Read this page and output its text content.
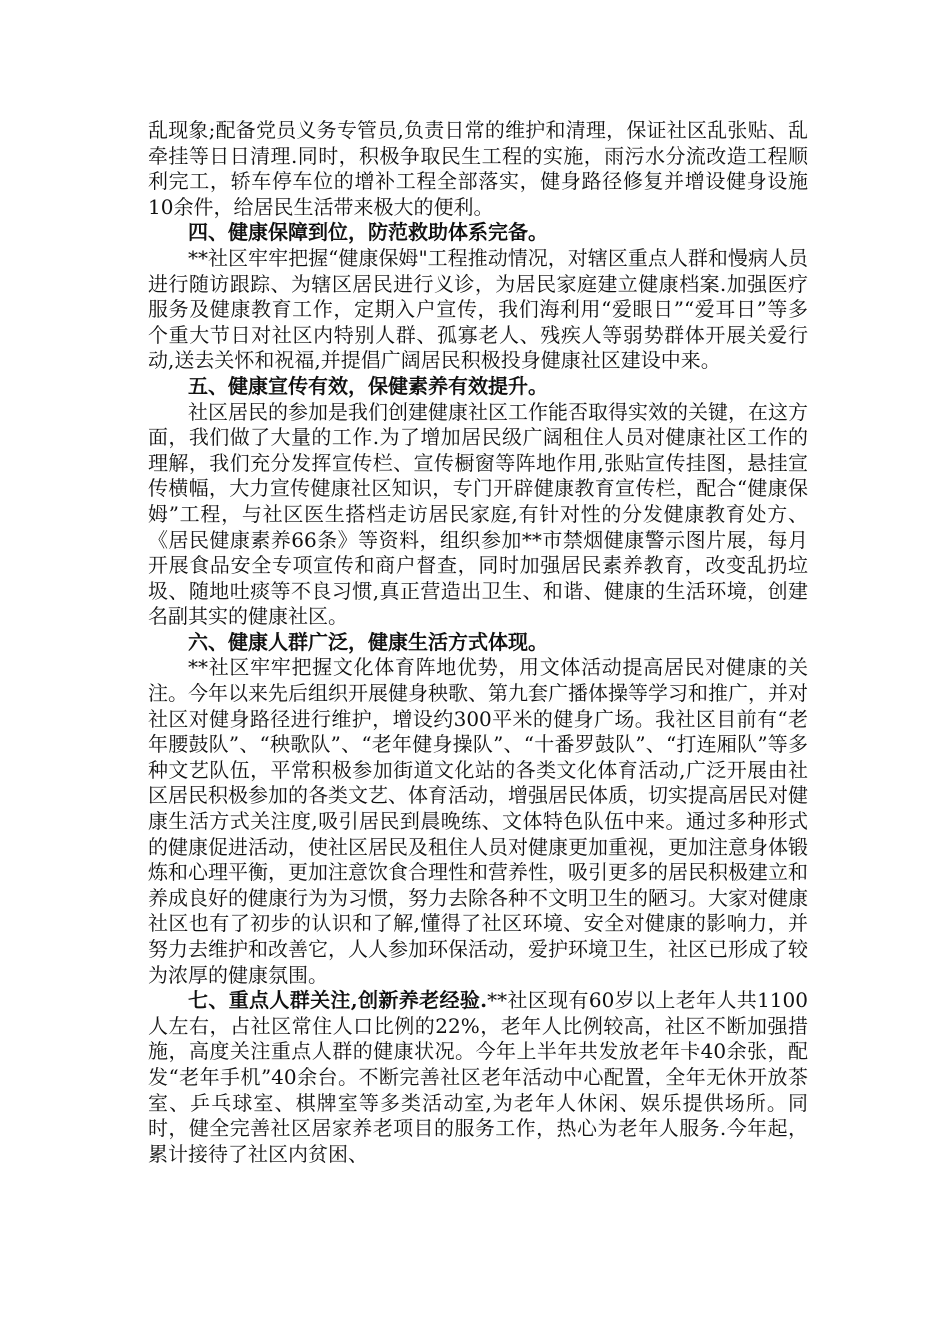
乱现象;配备党员义务专管员,负责日常的维护和清理，保证社区乱张贴、乱牵挂等日日清理.同时，积极争取民生工程的实施，雨污水分流改造工程顺利完工，轿车停车位的增补工程全部落实，健身路径修复并增设健身设施10余件，给居民生活带来极大的便利。

四、健康保障到位，防范救助体系完备。

**社区牢牢把握“健康保姆"工程推动情况，对辖区重点人群和慢病人员进行随访跟踪、为辖区居民进行义诊，为居民家庭建立健康档案.加强医疗服务及健康教育工作，定期入户宣传，我们海利用“爱眼日”“爱耳日”等多个重大节日对社区内特别人群、孤寡老人、残疾人等弱势群体开展关爱行动,送去关怀和祝福,并提倡广阔居民积极投身健康社区建设中来。

五、健康宣传有效，保健素养有效提升。

社区居民的参加是我们创建健康社区工作能否取得实效的关键，在这方面，我们做了大量的工作.为了增加居民级广阔租住人员对健康社区工作的理解，我们充分发挥宣传栏、宣传橱窗等阵地作用,张贴宣传挂图，悬挂宣传横幅，大力宣传健康社区知识，专门开辟健康教育宣传栏，配合“健康保姆”工程，与社区医生搭档走访居民家庭,有针对性的分发健康教育处方、《居民健康素养66条》等资料，组织参加**市禁烟健康警示图片展，每月开展食品安全专项宣传和商户督查，同时加强居民素养教育，改变乱扔垃圾、随地吐痰等不良习惯,真正营造出卫生、和谐、健康的生活环境，创建名副其实的健康社区。

六、健康人群广泛，健康生活方式体现。

**社区牢牢把握文化体育阵地优势，用文体活动提高居民对健康的关注。今年以来先后组织开展健身秧歌、第九套广播体操等学习和推广，并对社区对健身路径进行维护，增设约300平米的健身广场。我社区目前有“老年腰鼓队”、“秧歌队”、“老年健身操队”、“十番罗鼓队”、“打连厢队”等多种文艺队伍，平常积极参加街道文化站的各类文化体育活动,广泛开展由社区居民积极参加的各类文艺、体育活动，增强居民体质，切实提高居民对健康生活方式关注度,吸引居民到晨晚练、文体特色队伍中来。通过多种形式的健康促进活动，使社区居民及租住人员对健康更加重视，更加注意身体锻炼和心理平衡，更加注意饮食合理性和营养性，吸引更多的居民积极建立和养成良好的健康行为为习惯，努力去除各种不文明卫生的陋习。大家对健康社区也有了初步的认识和了解,懂得了社区环境、安全对健康的影响力，并努力去维护和改善它，人人参加环保活动，爱护环境卫生，社区已形成了较为浓厚的健康氛围。

七、重点人群关注,创新养老经验.**社区现有60岁以上老年人共1100人左右，占社区常住人口比例的22%，老年人比例较高，社区不断加强措施，高度关注重点人群的健康状况。今年上半年共发放老年卡40余张，配发“老年手机”40余台。不断完善社区老年活动中心配置，全年无休开放茶室、乒乓球室、棋牌室等多类活动室,为老年人休闲、娱乐提供场所。同时，健全完善社区居家养老项目的服务工作，热心为老年人服务.今年起，累计接待了社区内贫困、
